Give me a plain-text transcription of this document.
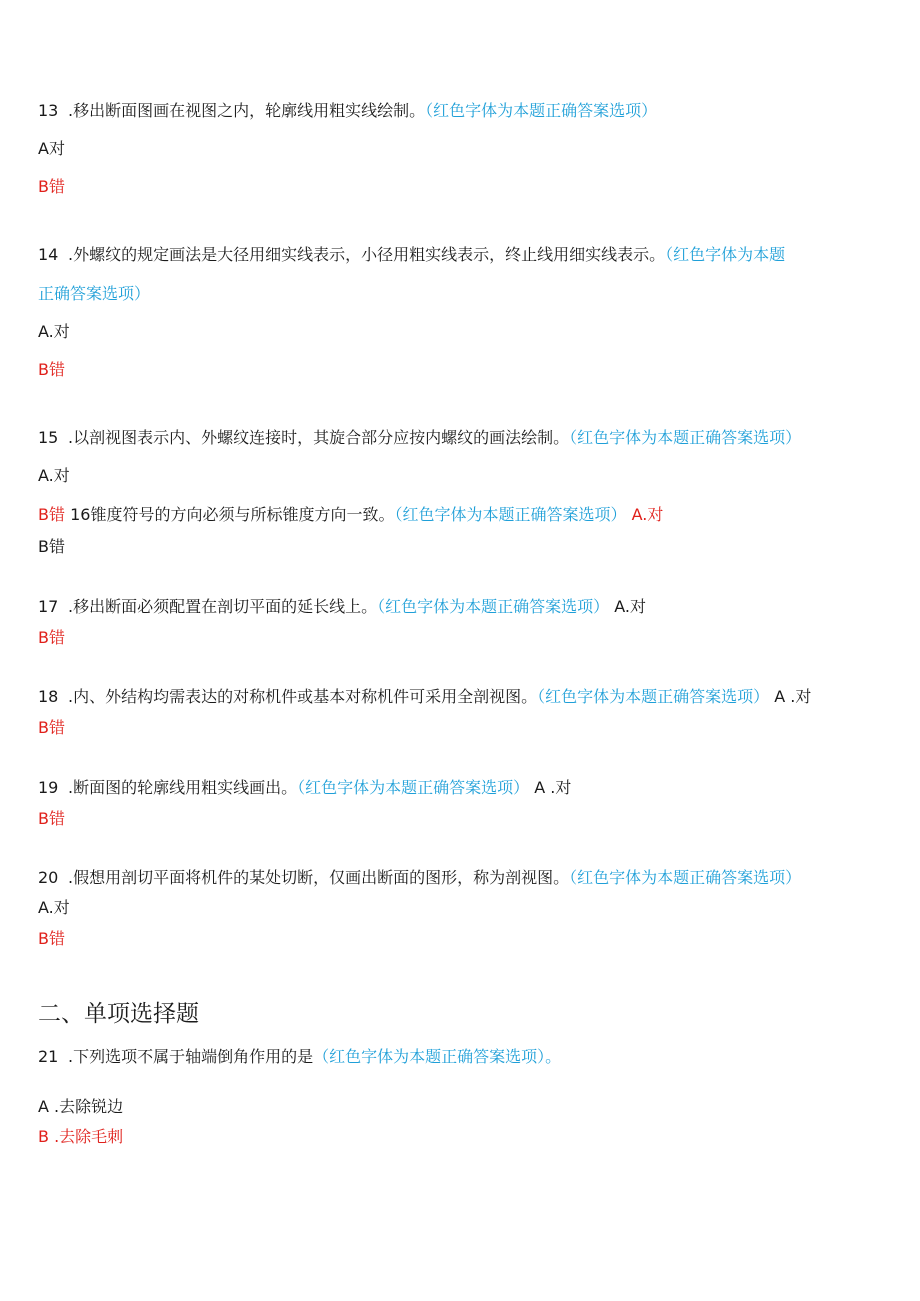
13 .移出断面图画在视图之内，轮廓线用粗实线绘制。（红色字体为本题正确答案选项）
A对
B错
14 .外螺纹的规定画法是大径用细实线表示，小径用粗实线表示，终止线用细实线表示。（红色字体为本题
正确答案选项）
A.对
B错
15 .以剖视图表示内、外螺纹连接时，其旋合部分应按内螺纹的画法绘制。（红色字体为本题正确答案选项）
A.对
B错 16锥度符号的方向必须与所标锥度方向一致。（红色字体为本题正确答案选项） A.对
B错
17 .移出断面必须配置在剖切平面的延长线上。（红色字体为本题正确答案选项） A.对
B错
18 .内、外结构均需表达的对称机件或基本对称机件可采用全剖视图。（红色字体为本题正确答案选项） A .对
B错
19 .断面图的轮廓线用粗实线画出。（红色字体为本题正确答案选项） A .对
B错
20 .假想用剖切平面将机件的某处切断，仅画出断面的图形，称为剖视图。（红色字体为本题正确答案选项）
A.对
B错
二、单项选择题
21 .下列选项不属于轴端倒角作用的是（红色字体为本题正确答案选项）。
A .去除锐边
B .去除毛刺
